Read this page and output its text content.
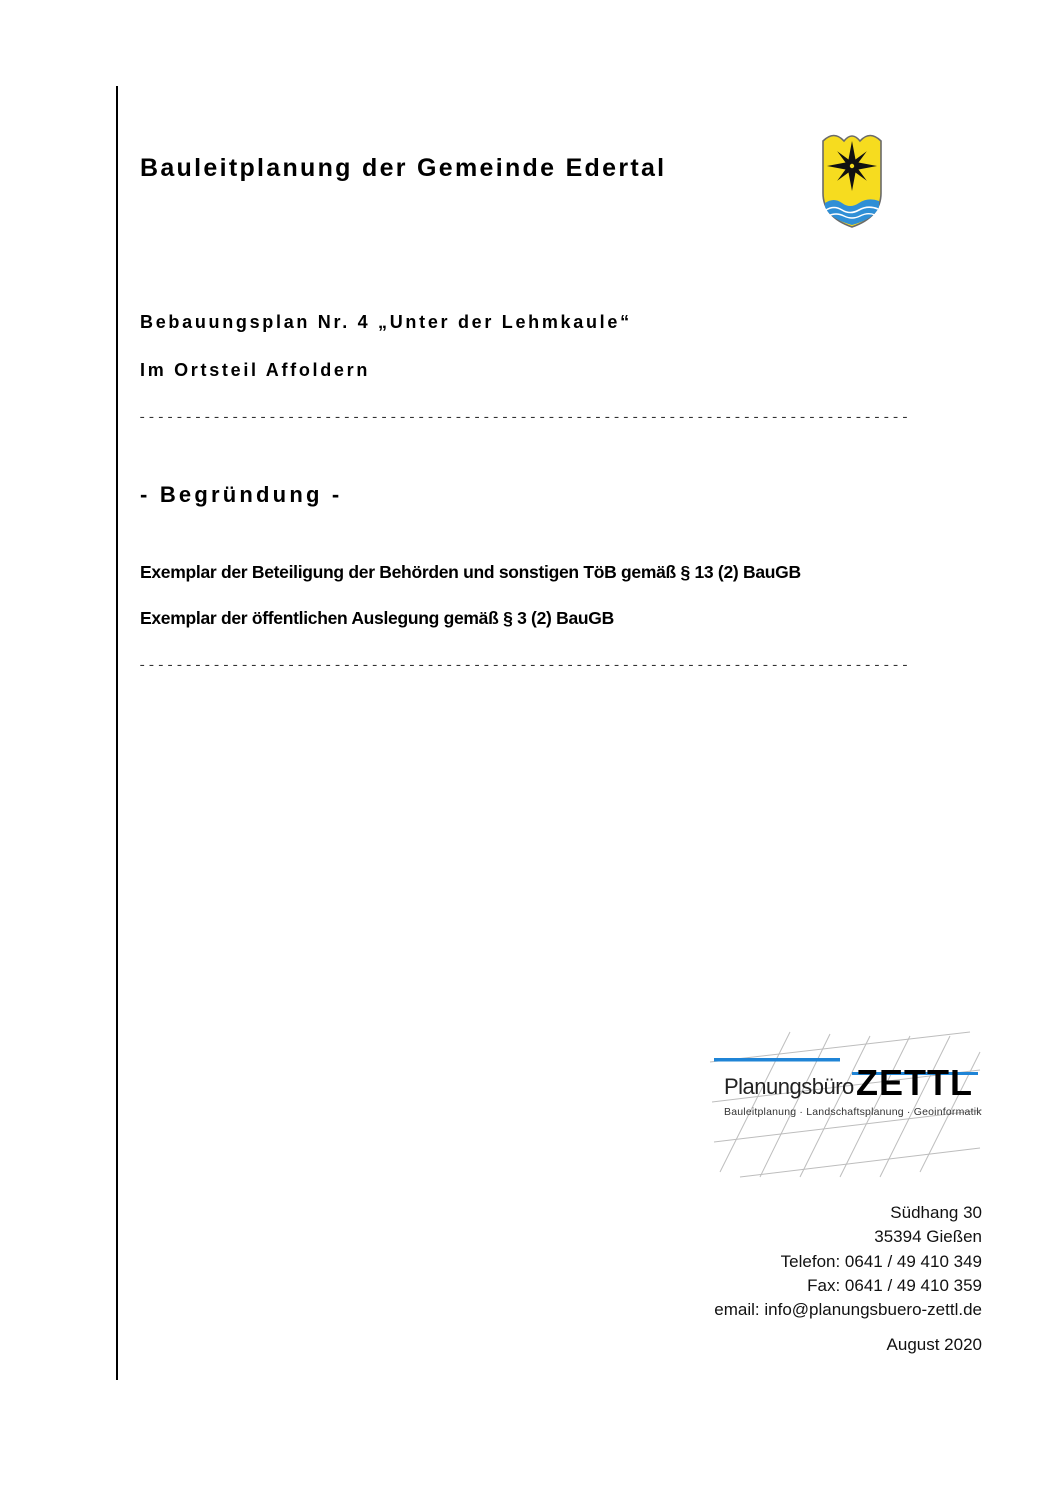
Bauleitplanung der Gemeinde Edertal

Bebauungsplan Nr. 4 „Unter der Lehmkaule“

Im Ortsteil Affoldern

-----------------------------------------------------------------------------------

- Begründung -

Exemplar der Beteiligung der Behörden und sonstigen TöB gemäß § 13 (2) BauGB

Exemplar der öffentlichen Auslegung gemäß § 3 (2) BauGB

-----------------------------------------------------------------------------------
Planungsbüro ZETTL
Bauleitplanung · Landschaftsplanung · Geoinformatik
Südhang 30
35394 Gießen
Telefon: 0641 / 49 410 349
Fax: 0641 / 49 410 359
email: info@planungsbuero-zettl.de
August 2020
